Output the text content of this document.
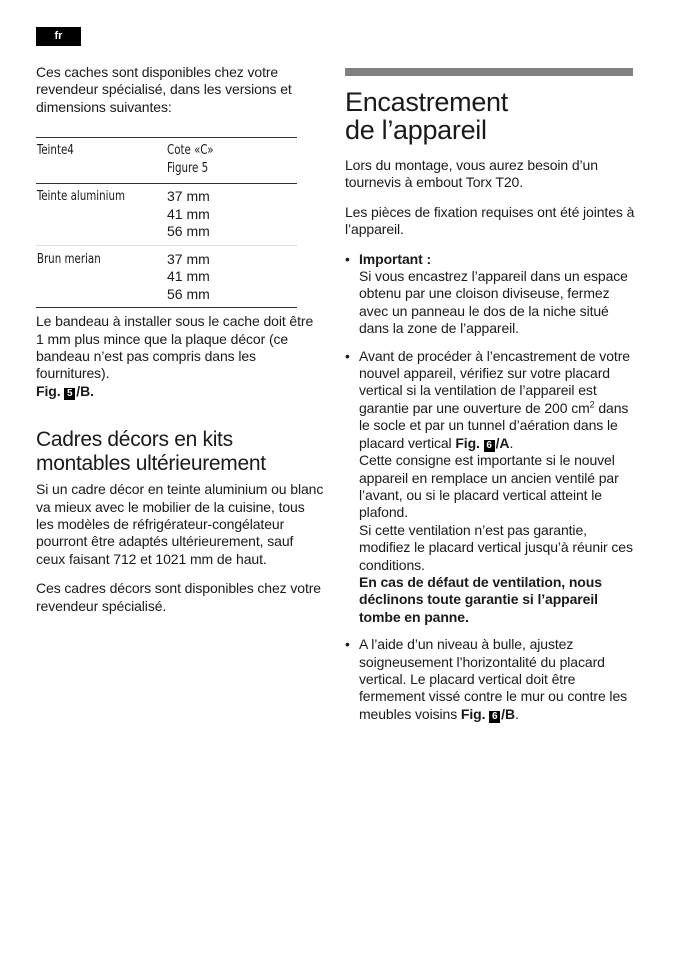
fr

Ces caches sont disponibles chez votre revendeur spécialisé, dans les versions et dimensions suivantes:

Teinte4	Cote «C»
Figure 5
Teinte aluminium	37 mm
41 mm
56 mm
Brun merian	37 mm
41 mm
56 mm

Le bandeau à installer sous le cache doit être 1 mm plus mince que la plaque décor (ce bandeau n’est pas compris dans les fournitures).
Fig. 5 /B.

Cadres décors en kits
montables ultérieurement

Si un cadre décor en teinte aluminium ou blanc va mieux avec le mobilier de la cuisine, tous les modèles de réfrigérateur-congélateur pourront être adaptés ultérieurement, sauf ceux faisant 712 et 1021 mm de haut.

Ces cadres décors sont disponibles chez votre revendeur spécialisé.

Encastrement
de l’appareil

Lors du montage, vous aurez besoin d’un tournevis à embout Torx T20.

Les pièces de fixation requises ont été jointes à l’appareil.

• Important :
Si vous encastrez l’appareil dans un espace obtenu par une cloison diviseuse, fermez avec un panneau le dos de la niche situé dans la zone de l’appareil.
• Avant de procéder à l’encastrement de votre nouvel appareil, vérifiez sur votre placard vertical si la ventilation de l’appareil est garantie par une ouverture de 200 $cm^2$ dans le socle et par un tunnel d’aération dans le placard vertical Fig. 6 /A.
Cette consigne est importante si le nouvel appareil en remplace un ancien ventilé par l’avant, ou si le placard vertical atteint le plafond.
Si cette ventilation n’est pas garantie, modifiez le placard vertical jusqu’à réunir ces conditions.
En cas de défaut de ventilation, nous déclinons toute garantie si l’appareil tombe en panne.
• A l’aide d’un niveau à bulle, ajustez soigneusement l’horizontalité du placard vertical. Le placard vertical doit être fermement vissé contre le mur ou contre les meubles voisins Fig. 6 /B.
